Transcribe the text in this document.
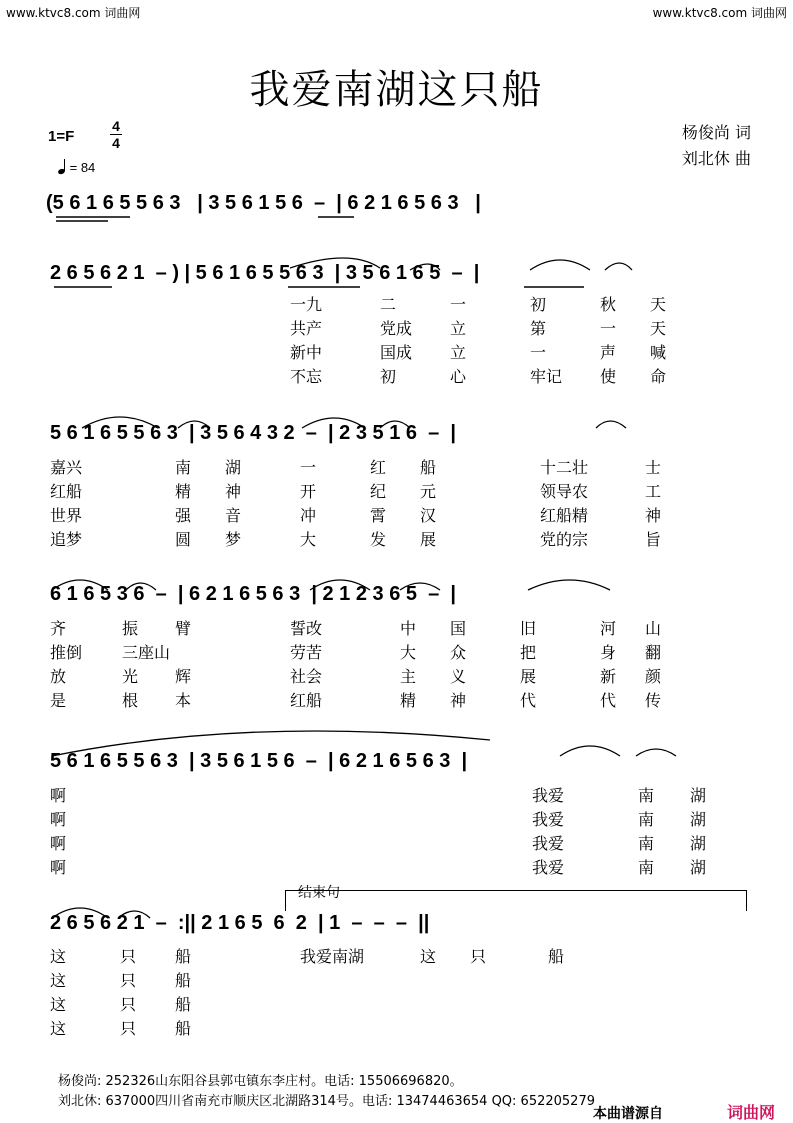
www.ktvc8.com 词曲网	www.ktvc8.com 词曲网
我爱南湖这只船
杨俊尚 词
刘北休 曲
1=F
4
4
= 84
(5 6 1 6 5 5 6 3   | 3 5 6 1 5 6  –  | 6 2 1 6 5 6 3   |
2 6 5 6 2 1  – ) | 5 6 1 6 5 5 6 3  | 3 5 6 1 6 5  –  |
5 6 1 6 5 5 6 3  | 3 5 6 4 3 2  –  | 2 3 5 1 6  –  |
6 1 6 5 3 6  –  | 6 2 1 6 5 6 3  | 2 1 2 3 6 5  –  |
5 6 1 6 5 5 6 3  | 3 5 6 1 5 6  –  | 6 2 1 6 5 6 3  |
2 6 5 6 2 1  –  :|| 2 1 6 5  6  2  | 1  –  –  –  ||
结束句
一九	二	一	初	秋 天
共产	党成 立	第	一 天
新中	国成 立	一	声 喊
不忘	初	心	牢记 使 命
嘉兴	南 湖	一	红 船	十二壮	士
红船	精 神	开	纪 元	领导农	工
世界	强 音	冲	霄 汉	红船精	神
追梦	圆 梦	大	发 展	党的宗	旨
齐	振 臂	誓改	中 国	旧	河 山
推倒 三座山	劳苦	大 众	把	身 翻
放	光 辉	社会	主 义	展	新 颜
是	根 本	红船	精 神	代	代 传
啊	我爱	南 湖
啊	我爱	南 湖
啊	我爱	南 湖
啊	我爱	南 湖
这	只 船	我爱南湖	这 只	船
这	只 船
这	只 船
这	只 船
杨俊尚: 252326山东阳谷县郭屯镇东李庄村。电话: 15506696820。
刘北休: 637000四川省南充市顺庆区北湖路314号。电话: 13474463654 QQ: 652205279
本曲谱源自	词曲网
